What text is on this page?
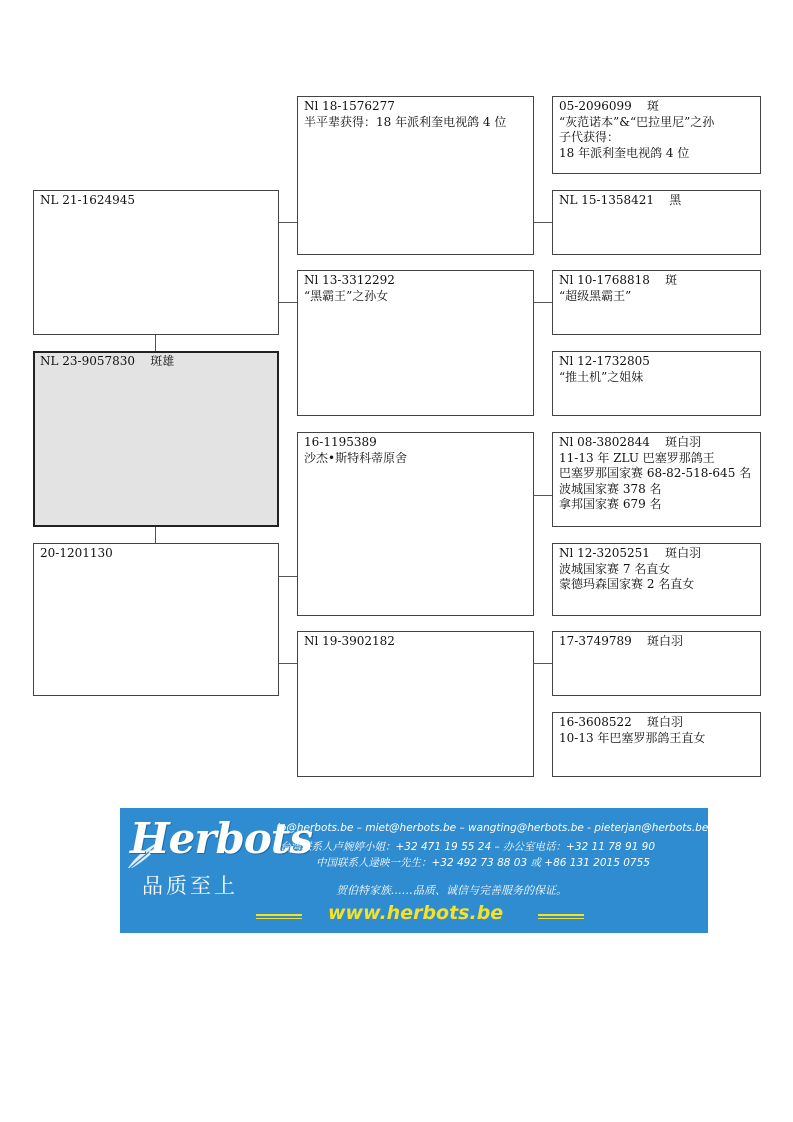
NL 21-1624945
NL 23-9057830    斑雄
20-1201130
Nl 18-1576277
半平辈获得：18 年派利奎电视鸽 4 位
Nl 13-3312292
“黑霸王”之孙女
16-1195389
沙杰•斯特科蒂原舍
Nl 19-3902182
05-2096099    斑
“灰范诺本”&“巴拉里尼”之孙
子代获得：
18 年派利奎电视鸽 4 位
NL 15-1358421    黑
Nl 10-1768818    斑
“超级黑霸王”
Nl 12-1732805
“推土机”之姐妹
Nl 08-3802844    斑白羽
11-13 年 ZLU 巴塞罗那鸽王
巴塞罗那国家赛 68-82-518-645 名
波城国家赛 378 名
拿邦国家赛 679 名
Nl 12-3205251    斑白羽
波城国家赛 7 名直女
蒙德玛森国家赛 2 名直女
17-3749789    斑白羽
16-3608522    斑白羽
10-13 年巴塞罗那鸽王直女
Herbots
品质至上
jo@herbots.be – miet@herbots.be – wangting@herbots.be - pieterjan@herbots.be
台湾联系人卢婉婷小姐：+32 471 19 55 24 – 办公室电话：+32 11 78 91 90
中国联系人逯映一先生：+32 492 73 88 03 或 +86 131 2015 0755
贺伯特家族……品质、诚信与完善服务的保证。
www.herbots.be
